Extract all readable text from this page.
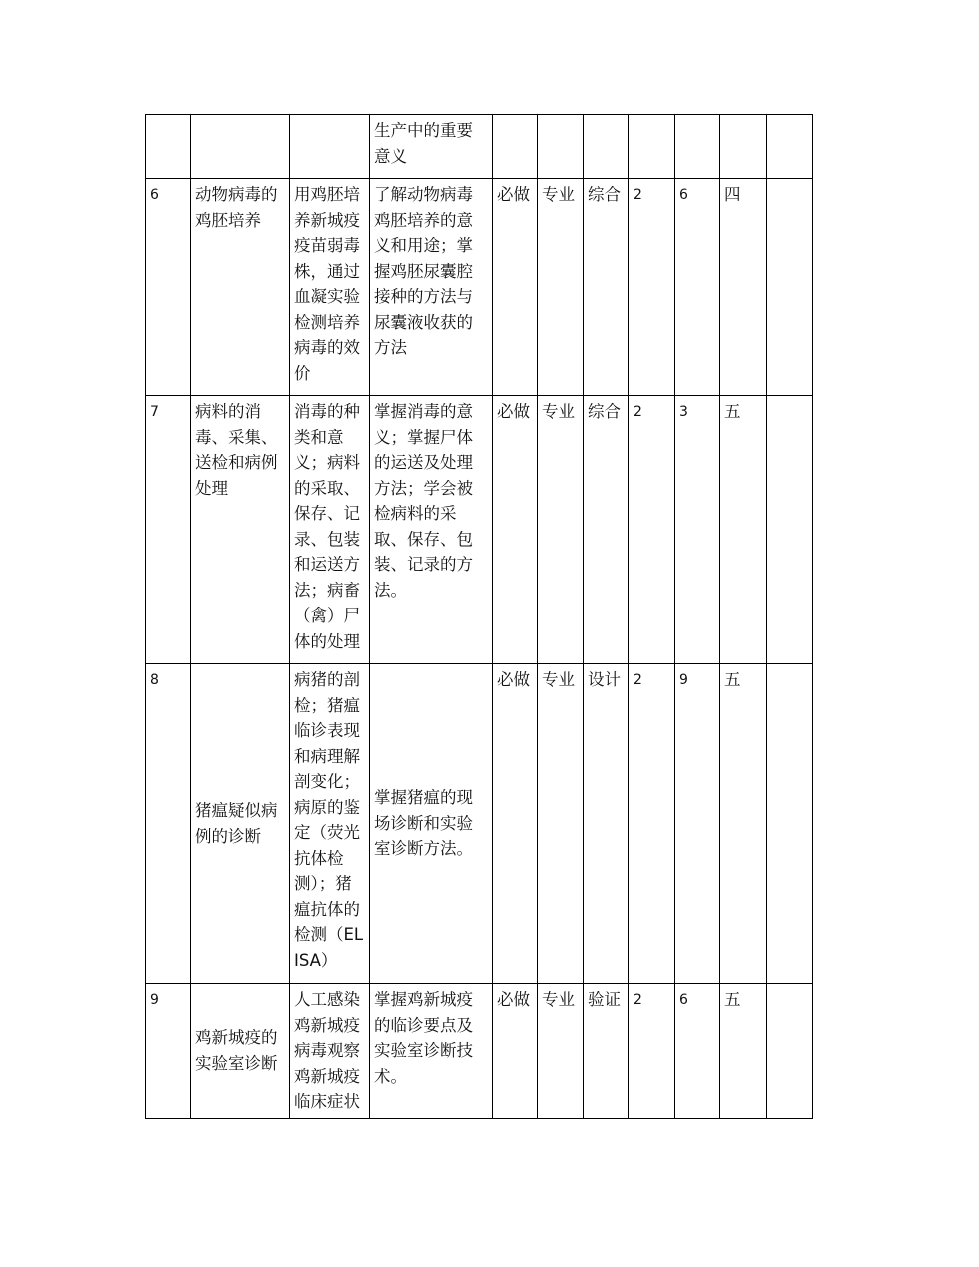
			生产中的重要意义							
6	动物病毒的鸡胚培养	用鸡胚培养新城疫疫苗弱毒株，通过血凝实验检测培养病毒的效价	了解动物病毒鸡胚培养的意义和用途；掌握鸡胚尿囊腔接种的方法与尿囊液收获的方法	必做	专业	综合	2	6	四	
7	病料的消毒、采集、送检和病例处理	消毒的种类和意义；病料的采取、保存、记录、包装和运送方法；病畜（禽）尸体的处理	掌握消毒的意义；掌握尸体的运送及处理方法；学会被检病料的采取、保存、包装、记录的方法。	必做	专业	综合	2	3	五	
8	猪瘟疑似病例的诊断	病猪的剖检；猪瘟临诊表现和病理解剖变化；病原的鉴定（荧光抗体检测）；猪瘟抗体的检测（ELISA）	掌握猪瘟的现场诊断和实验室诊断方法。	必做	专业	设计	2	9	五	
9	鸡新城疫的实验室诊断	人工感染鸡新城疫病毒观察鸡新城疫临床症状	掌握鸡新城疫的临诊要点及实验室诊断技术。	必做	专业	验证	2	6	五	
